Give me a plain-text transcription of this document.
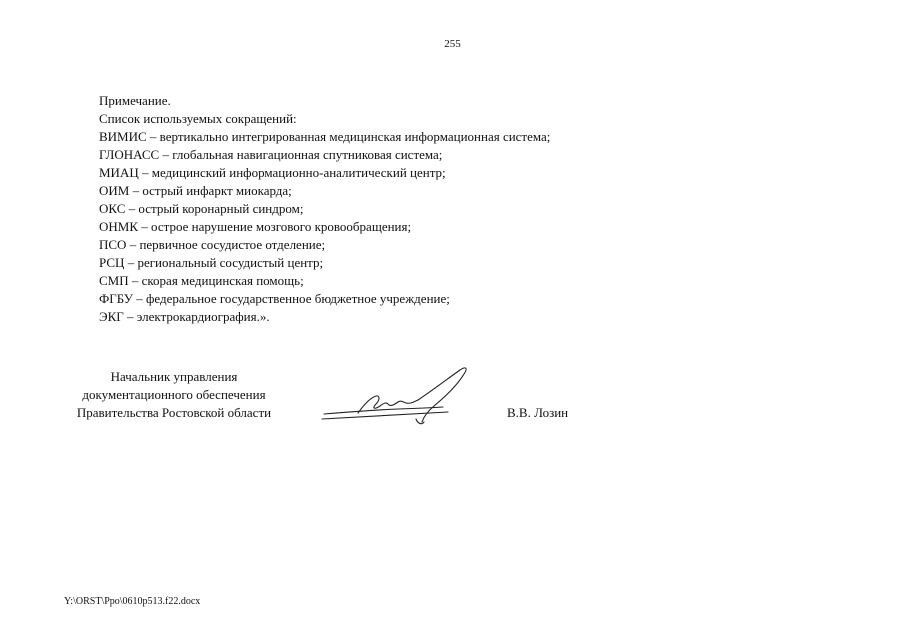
255
Примечание.
Список используемых сокращений:
ВИМИС – вертикально интегрированная медицинская информационная система;
ГЛОНАСС – глобальная навигационная спутниковая система;
МИАЦ – медицинский информационно-аналитический центр;
ОИМ – острый инфаркт миокарда;
ОКС – острый коронарный синдром;
ОНМК – острое нарушение мозгового кровообращения;
ПСО – первичное сосудистое отделение;
РСЦ – региональный сосудистый центр;
СМП – скорая медицинская помощь;
ФГБУ – федеральное государственное бюджетное учреждение;
ЭКГ – электрокардиография.».
Начальник управления
документационного обеспечения
Правительства Ростовской области	В.В. Лозин
Y:\ORST\Ppo\0610p513.f22.docx
